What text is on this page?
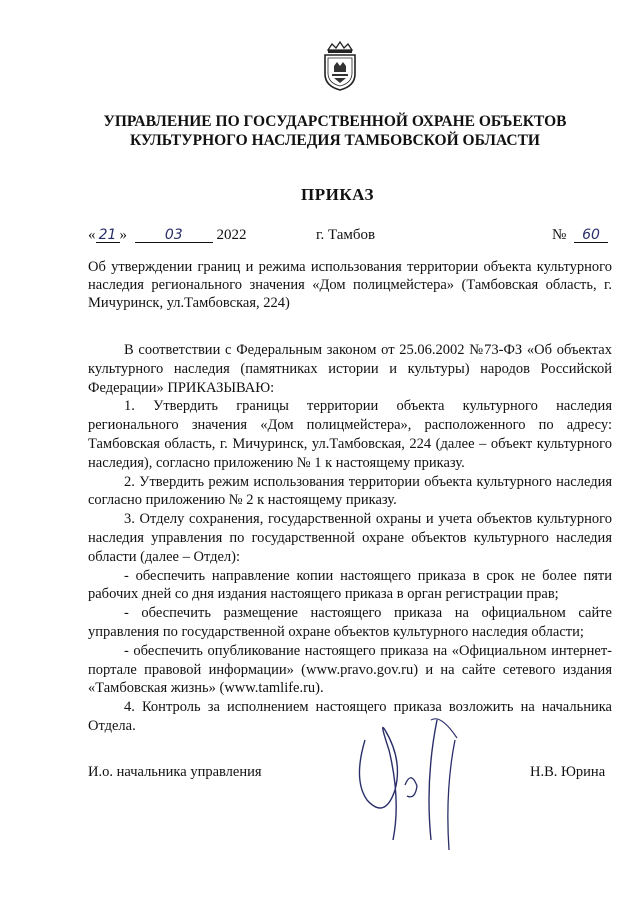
УПРАВЛЕНИЕ ПО ГОСУДАРСТВЕННОЙ ОХРАНЕ ОБЪЕКТОВ
КУЛЬТУРНОГО НАСЛЕДИЯ ТАМБОВСКОЙ ОБЛАСТИ
ПРИКАЗ
« 21 »	03 2022	г. Тамбов	№ 60
Об утверждении границ и режима использования территории объекта культурного наследия регионального значения «Дом полицмейстера» (Тамбовская область, г. Мичуринск, ул.Тамбовская, 224)

В соответствии с Федеральным законом от 25.06.2002 №73-ФЗ «Об объектах культурного наследия (памятниках истории и культуры) народов Российской Федерации» ПРИКАЗЫВАЮ:

1. Утвердить границы территории объекта культурного наследия регионального значения «Дом полицмейстера», расположенного по адресу: Тамбовская область, г. Мичуринск, ул.Тамбовская, 224 (далее – объект культурного наследия), согласно приложению № 1 к настоящему приказу.

2. Утвердить режим использования территории объекта культурного наследия согласно приложению № 2 к настоящему приказу.

3. Отделу сохранения, государственной охраны и учета объектов культурного наследия управления по государственной охране объектов культурного наследия области (далее – Отдел):

- обеспечить направление копии настоящего приказа в срок не более пяти рабочих дней со дня издания настоящего приказа в орган регистрации прав;

- обеспечить размещение настоящего приказа на официальном сайте управления по государственной охране объектов культурного наследия области;

- обеспечить опубликование настоящего приказа на «Официальном интернет-портале правовой информации» (www.pravo.gov.ru) и на сайте сетевого издания «Тамбовская жизнь» (www.tamlife.ru).

4. Контроль за исполнением настоящего приказа возложить на начальника Отдела.

И.о. начальника управления	Н.В. Юрина
